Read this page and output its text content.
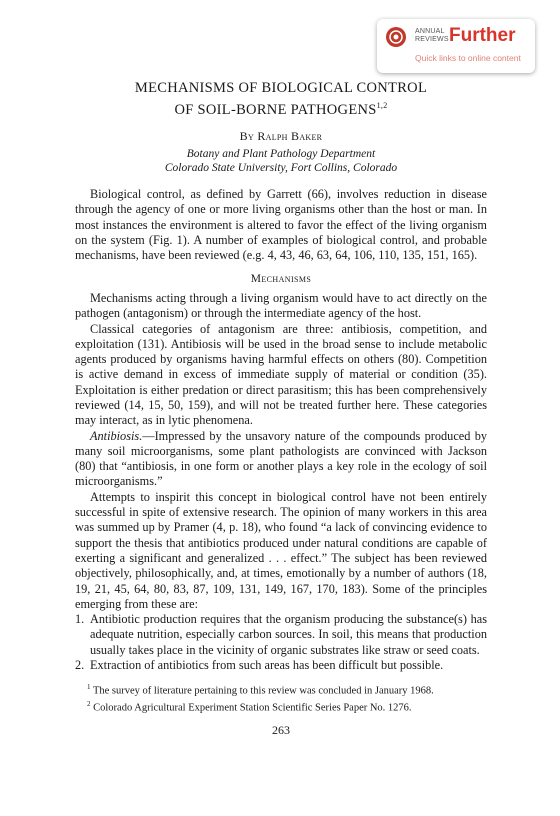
ANNUAL
REVIEWS Further
Quick links to online content
MECHANISMS OF BIOLOGICAL CONTROL
OF SOIL-BORNE PATHOGENS$^{1,2}$
By Ralph Baker
Botany and Plant Pathology Department
Colorado State University, Fort Collins, Colorado

Biological control, as defined by Garrett (66), involves reduction in disease through the agency of one or more living organisms other than the host or man. In most instances the environment is altered to favor the effect of the living organism on the system (Fig. 1). A number of examples of biological control, and probable mechanisms, have been reviewed (e.g. 4, 43, 46, 63, 64, 106, 110, 135, 151, 165).

Mechanisms

Mechanisms acting through a living organism would have to act directly on the pathogen (antagonism) or through the intermediate agency of the host.

Classical categories of antagonism are three: antibiosis, competition, and exploitation (131). Antibiosis will be used in the broad sense to include metabolic agents produced by organisms having harmful effects on others (80). Competition is active demand in excess of immediate supply of material or condition (35). Exploitation is either predation or direct parasitism; this has been comprehensively reviewed (14, 15, 50, 159), and will not be treated further here. These categories may interact, as in lytic phenomena.

Antibiosis.—Impressed by the unsavory nature of the compounds produced by many soil microorganisms, some plant pathologists are convinced with Jackson (80) that “antibiosis, in one form or another plays a key role in the ecology of soil microorganisms.”

Attempts to inspirit this concept in biological control have not been entirely successful in spite of extensive research. The opinion of many workers in this area was summed up by Pramer (4, p. 18), who found “a lack of convincing evidence to support the thesis that antibiotics produced under natural conditions are capable of exerting a significant and generalized . . . effect.” The subject has been reviewed objectively, philosophically, and, at times, emotionally by a number of authors (18, 19, 21, 45, 64, 80, 83, 87, 109, 131, 149, 167, 170, 183). Some of the principles emerging from these are:

1. Antibiotic production requires that the organism producing the substance(s) has adequate nutrition, especially carbon sources. In soil, this means that production usually takes place in the vicinity of organic substrates like straw or seed coats.
2. Extraction of antibiotics from such areas has been difficult but possible.
$^1$ The survey of literature pertaining to this review was concluded in January 1968.
$^2$ Colorado Agricultural Experiment Station Scientific Series Paper No. 1276.
263
